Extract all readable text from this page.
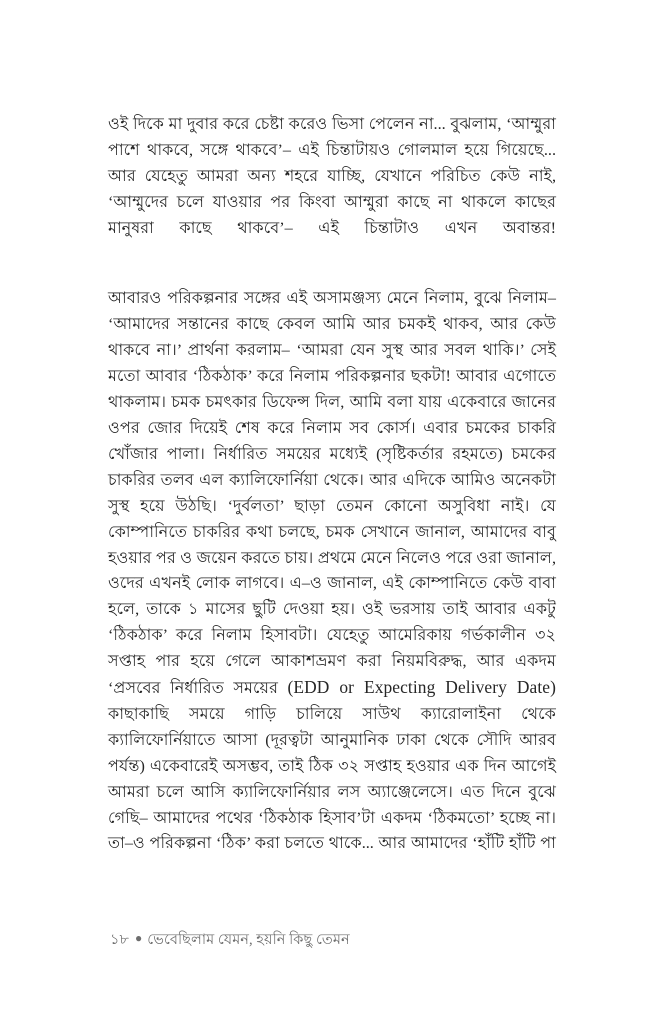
ওই দিকে মা দুবার করে চেষ্টা করেও ভিসা পেলেন না... বুঝলাম, ‘আম্মুরা পাশে থাকবে, সঙ্গে থাকবে’– এই চিন্তাটায়ও গোলমাল হয়ে গিয়েছে... আর যেহেতু আমরা অন্য শহরে যাচ্ছি, যেখানে পরিচিত কেউ নাই, ‘আম্মুদের চলে যাওয়ার পর কিংবা আম্মুরা কাছে না থাকলে কাছের মানুষরা কাছে থাকবে’– এই চিন্তাটাও এখন অবান্তর!

আবারও পরিকল্পনার সঙ্গের এই অসামঞ্জস্য মেনে নিলাম, বুঝে নিলাম– ‘আমাদের সন্তানের কাছে কেবল আমি আর চমকই থাকব, আর কেউ থাকবে না।’ প্রার্থনা করলাম– ‘আমরা যেন সুস্থ আর সবল থাকি।’ সেই মতো আবার ‘ঠিকঠাক’ করে নিলাম পরিকল্পনার ছকটা! আবার এগোতে থাকলাম। চমক চমৎকার ডিফেন্স দিল, আমি বলা যায় একেবারে জানের ওপর জোর দিয়েই শেষ করে নিলাম সব কোর্স। এবার চমকের চাকরি খোঁজার পালা। নির্ধারিত সময়ের মধ্যেই (সৃষ্টিকর্তার রহমতে) চমকের চাকরির তলব এল ক্যালিফোর্নিয়া থেকে। আর এদিকে আমিও অনেকটা সুস্থ হয়ে উঠছি। ‘দুর্বলতা’ ছাড়া তেমন কোনো অসুবিধা নাই। যে কোম্পানিতে চাকরির কথা চলছে, চমক সেখানে জানাল, আমাদের বাবু হওয়ার পর ও জয়েন করতে চায়। প্রথমে মেনে নিলেও পরে ওরা জানাল, ওদের এখনই লোক লাগবে। এ–ও জানাল, এই কোম্পানিতে কেউ বাবা হলে, তাকে ১ মাসের ছুটি দেওয়া হয়। ওই ভরসায় তাই আবার একটু ‘ঠিকঠাক’ করে নিলাম হিসাবটা। যেহেতু আমেরিকায় গর্ভকালীন ৩২ সপ্তাহ পার হয়ে গেলে আকাশভ্রমণ করা নিয়মবিরুদ্ধ, আর একদম ‘প্রসবের নির্ধারিত সময়ের (EDD or Expecting Delivery Date) কাছাকাছি সময়ে গাড়ি চালিয়ে সাউথ ক্যারোলাইনা থেকে ক্যালিফোর্নিয়াতে আসা (দূরত্বটা আনুমানিক ঢাকা থেকে সৌদি আরব পর্যন্ত) একেবারেই অসম্ভব, তাই ঠিক ৩২ সপ্তাহ হওয়ার এক দিন আগেই আমরা চলে আসি ক্যালিফোর্নিয়ার লস অ্যাঞ্জেলেসে। এত দিনে বুঝে গেছি– আমাদের পথের ‘ঠিকঠাক হিসাব’টা একদম ‘ঠিকমতো’ হচ্ছে না। তা–ও পরিকল্পনা ‘ঠিক’ করা চলতে থাকে... আর আমাদের ‘হাঁটি হাঁটি পা

১৮ ● ভেবেছিলাম যেমন, হয়নি কিছু তেমন
